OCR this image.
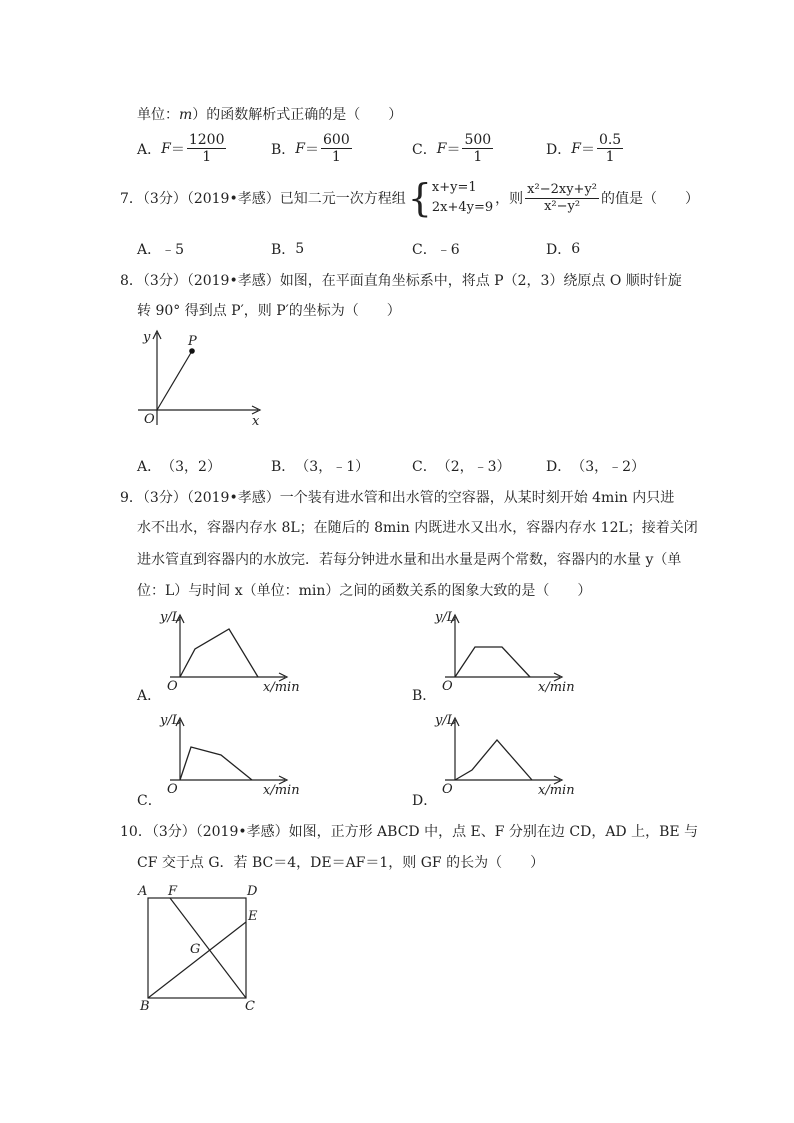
单位：m）的函数解析式正确的是（　　）
A． $F = \frac{1200}{1}$	B． $F = \frac{600}{1}$	C． $F = \frac{500}{1}$	D． $F = \frac{0.5}{1}$
7．（3分）（2019•孝感）已知二元一次方程组 { x+y=1
2x+4y=9
，则 $\frac{\text{x²−2xy+y²}}{\text{x²−y²}}$ 的值是（　　）
A． ﹣5	B． 5	C． ﹣6	D． 6
8．（3分）（2019•孝感）如图，在平面直角坐标系中，将点 P（2，3）绕原点 O 顺时针旋
转 90° 得到点 P′，则 P′的坐标为（　　）
y
x
O
P
A． （3，2）	B． （3，﹣1）	C． （2，﹣3）	D． （3，﹣2）
9．（3分）（2019•孝感）一个装有进水管和出水管的空容器，从某时刻开始 4min 内只进
水不出水，容器内存水 8L；在随后的 8min 内既进水又出水，容器内存水 12L；接着关闭
进水管直到容器内的水放完．若每分钟进水量和出水量是两个常数，容器内的水量 y（单
位：L）与时间 x（单位：min）之间的函数关系的图象大致的是（　　）
A．
y/L
x/min
O
B．
y/L
x/min
O
C．
y/L
x/min
O
D．
y/L
x/min
O
10．（3分）（2019•孝感）如图，正方形 ABCD 中，点 E、F 分别在边 CD，AD 上，BE 与
CF 交于点 G．若 BC＝4，DE＝AF＝1，则 GF 的长为（　　）
A F	D
E
G
B	C
